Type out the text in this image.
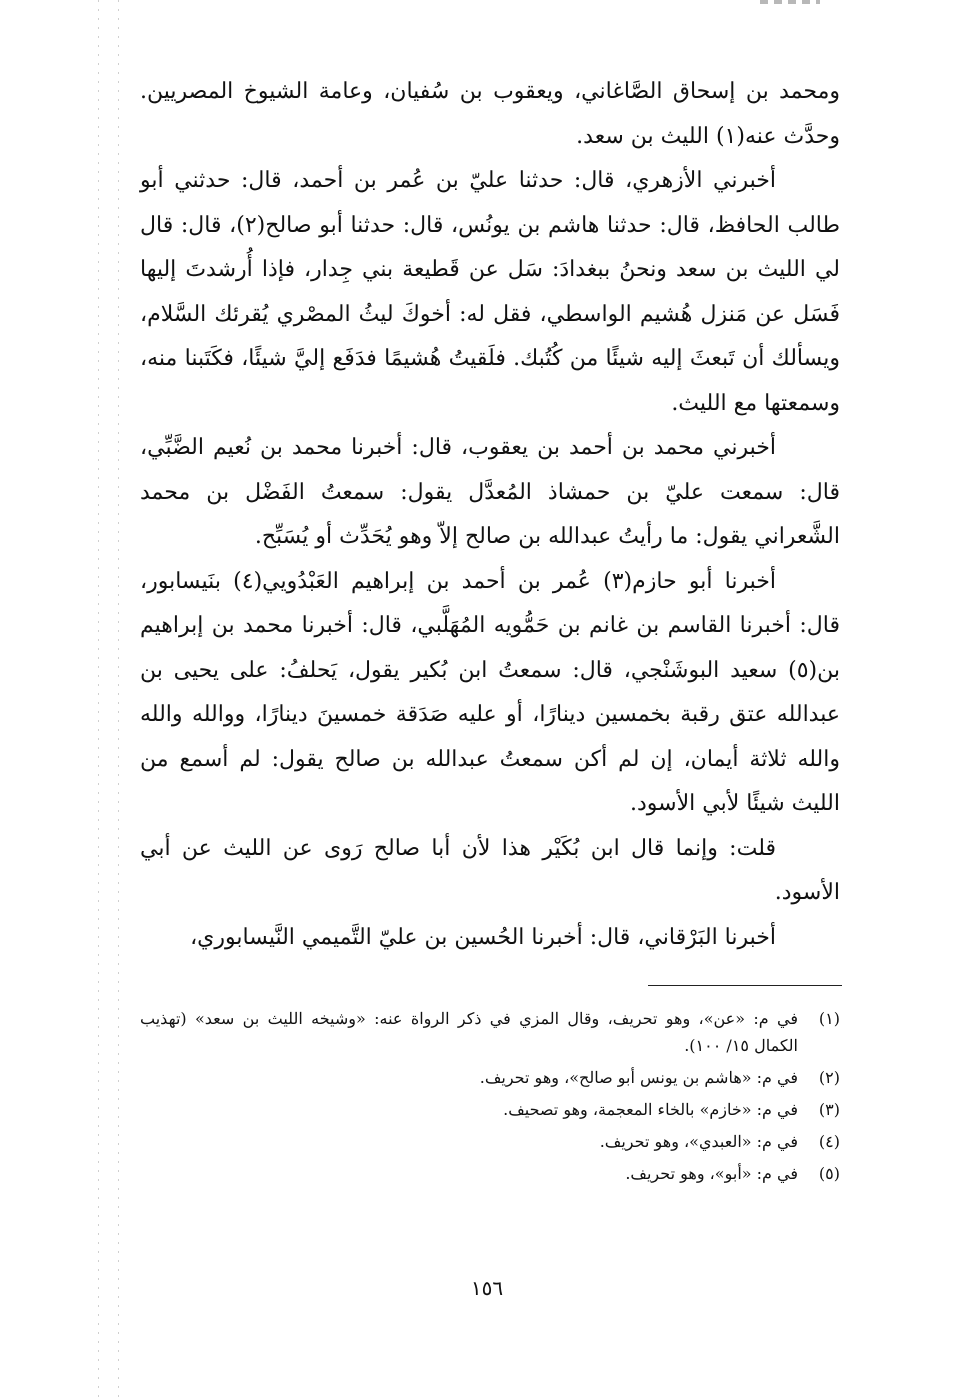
ومحمد بن إسحاق الصَّاغاني، ويعقوب بن سُفيان، وعامة الشيوخ المصريين. وحدَّث عنه(١) الليث بن سعد.

أخبرني الأزهري، قال: حدثنا عليّ بن عُمر بن أحمد، قال: حدثني أبو طالب الحافظ، قال: حدثنا هاشم بن يونُس، قال: حدثنا أبو صالح(٢)، قال: قال لي الليث بن سعد ونحنُ ببغدادَ: سَل عن قَطيعة بني جِدار، فإذا أُرشدتَ إليها فَسَل عن مَنزل هُشيم الواسطي، فقل له: أخوكَ ليثُ المصْري يُقرئك السَّلام، ويسألك أن تَبعثَ إليه شيئًا من كُتُبك. فلَقيتُ هُشيمًا فدَفَع إليَّ شيئًا، فكَتَبنا منه، وسمعتها مع الليث.

أخبرني محمد بن أحمد بن يعقوب، قال: أخبرنا محمد بن نُعيم الضَّبِّي، قال: سمعت عليّ بن حمشاذ المُعدَّل يقول: سمعتُ الفَضْل بن محمد الشَّعراني يقول: ما رأيتُ عبدالله بن صالح إلاّ وهو يُحَدِّث أو يُسَبِّح.

أخبرنا أبو حازم(٣) عُمر بن أحمد بن إبراهيم العَبْدُويي(٤) بنَيسابور، قال: أخبرنا القاسم بن غانم بن حَمُّويه المُهَلَّبي، قال: أخبرنا محمد بن إبراهيم بن(٥) سعيد البوشَنْجي، قال: سمعتُ ابن بُكير يقول، يَحلفُ: على يحيى بن عبدالله عتق رقبة بخمسين دينارًا، أو عليه صَدَقة خمسينَ دينارًا، ووالله والله والله ثلاثة أيمان، إن لم أكن سمعتُ عبدالله بن صالح يقول: لم أسمع من الليث شيئًا لأبي الأسود.

قلت: وإنما قال ابن بُكَيْر هذا لأن أبا صالح رَوى عن الليث عن أبي الأسود.

أخبرنا البَرْقاني، قال: أخبرنا الحُسين بن عليّ التَّميمي النَّيسابوري،

(١)
في م: «عن»، وهو تحريف، وقال المزي في ذكر الرواة عنه: «وشيخه الليث بن سعد» (تهذيب الكمال ١٥/ ١٠٠).
(٢)
في م: «هاشم بن يونس أبو صالح»، وهو تحريف.
(٣)
في م: «خازم» بالخاء المعجمة، وهو تصحيف.
(٤)
في م: «العبدي»، وهو تحريف.
(٥)
في م: «أبو»، وهو تحريف.
١٥٦
